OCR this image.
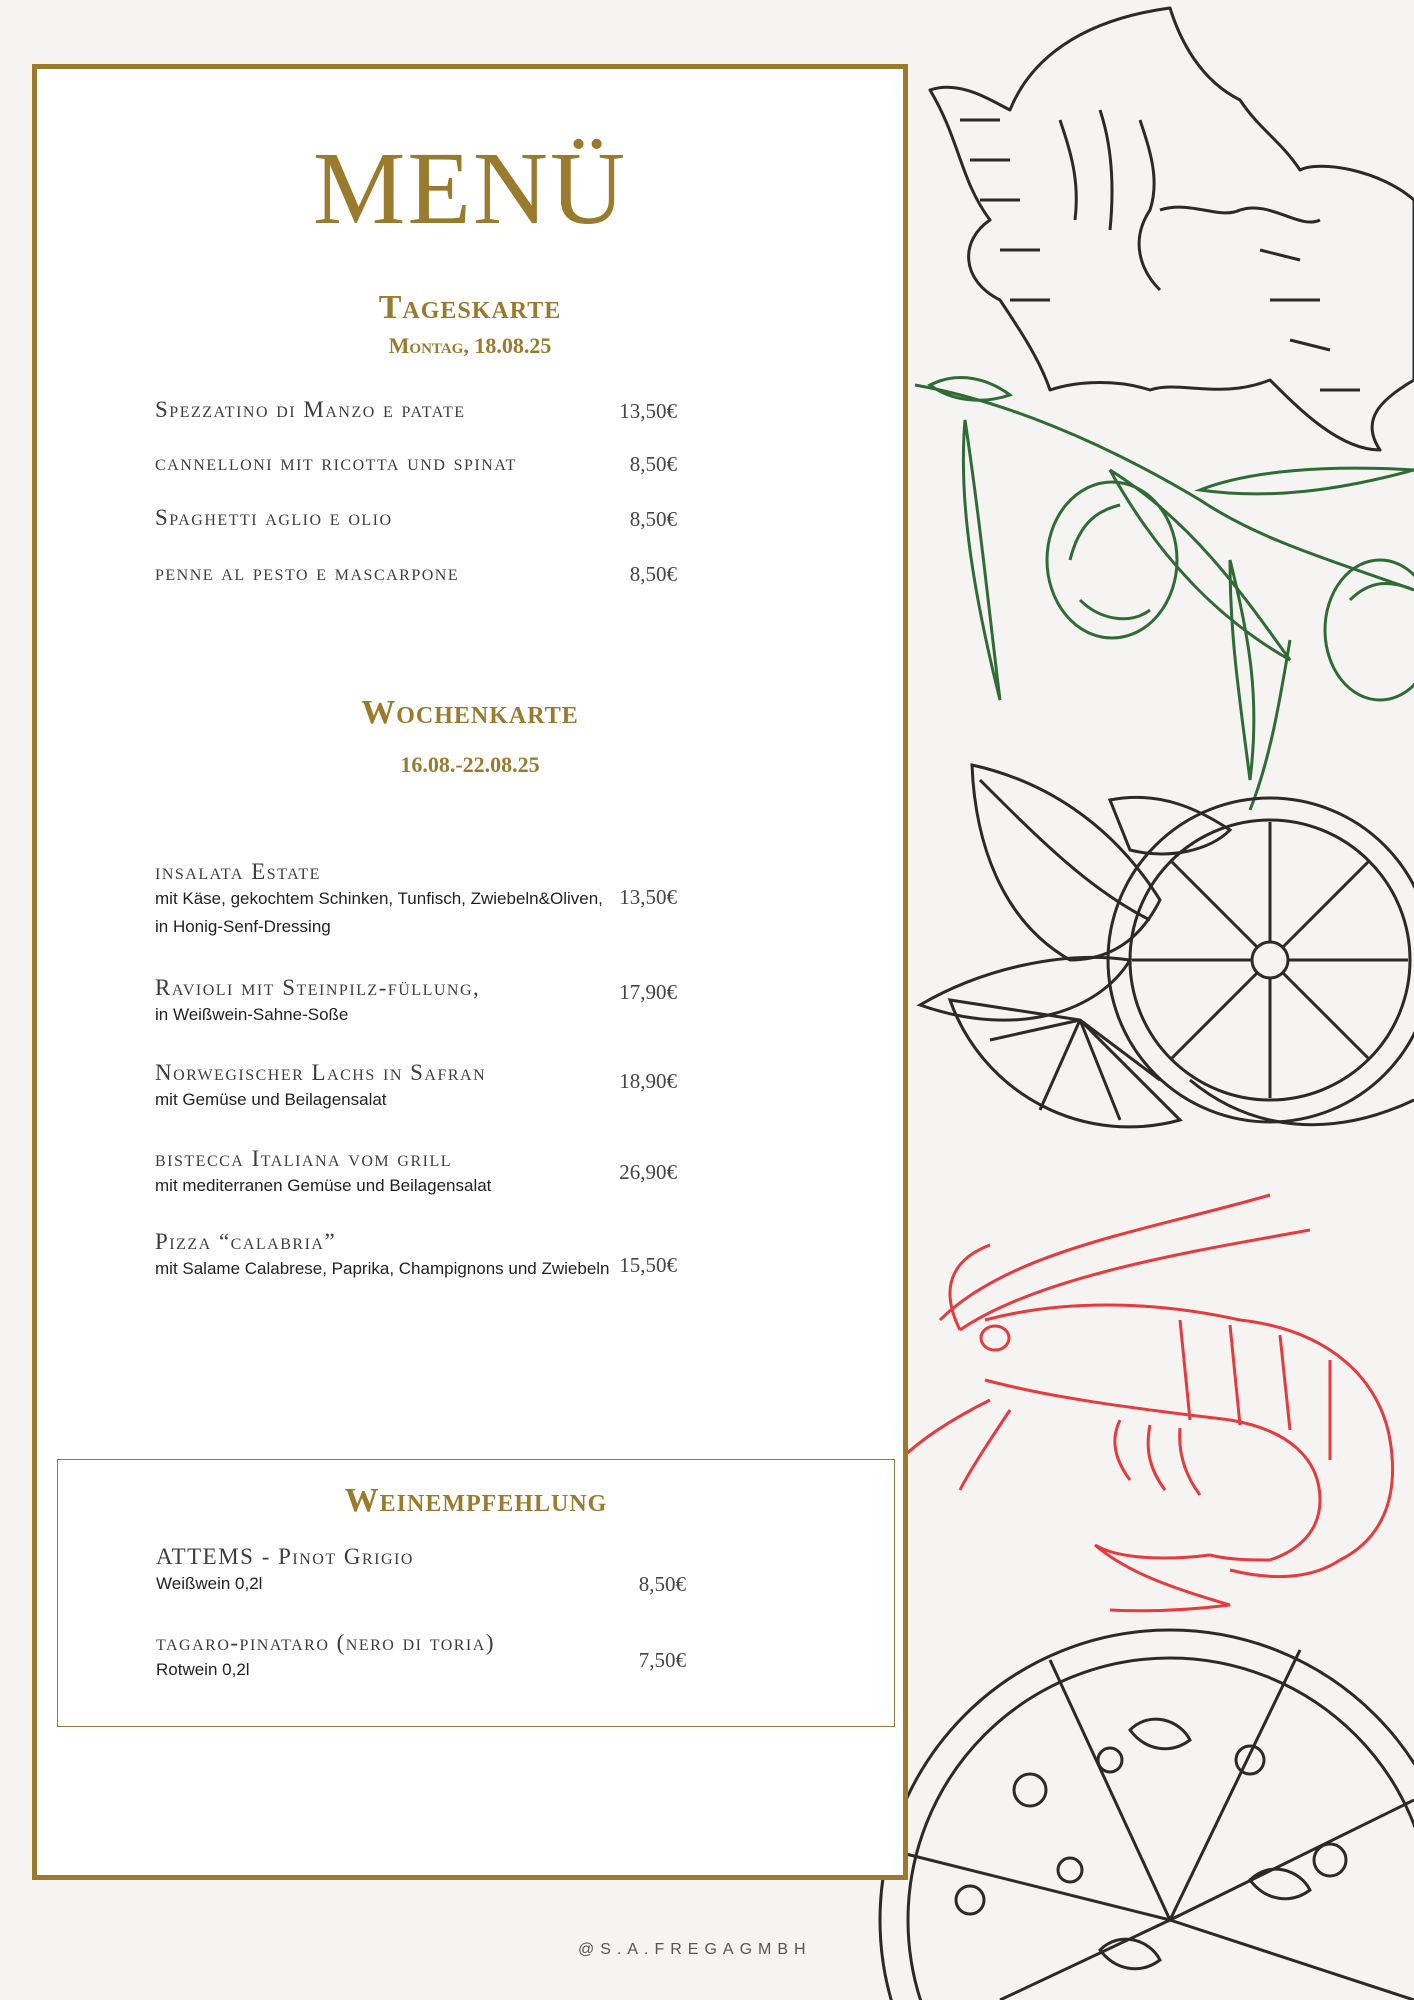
MENÜ
Tageskarte
Montag, 18.08.25
Spezzatino di Manzo e patate	13,50€
cannelloni mit ricotta und spinat	8,50€
Spaghetti aglio e olio	8,50€
penne al pesto e mascarpone	8,50€
Wochenkarte
16.08.-22.08.25
insalata Estate
mit Käse, gekochtem Schinken, Tunfisch, Zwiebeln&Oliven,
in Honig-Senf-Dressing
13,50€
Ravioli mit Steinpilz-füllung,
in Weißwein-Sahne-Soße
17,90€
Norwegischer Lachs in Safran
mit Gemüse und Beilagensalat
18,90€
bistecca Italiana vom grill
mit mediterranen Gemüse und Beilagensalat
26,90€
Pizza “calabria”
mit Salame Calabrese, Paprika, Champignons und Zwiebeln 15,50€
Weinempfehlung
ATTEMS - Pinot Grigio
Weißwein 0,2l	8,50€
tagaro-pinataro (nero di toria)
Rotwein 0,2l	7,50€
@S.A.FREGAGMBH
